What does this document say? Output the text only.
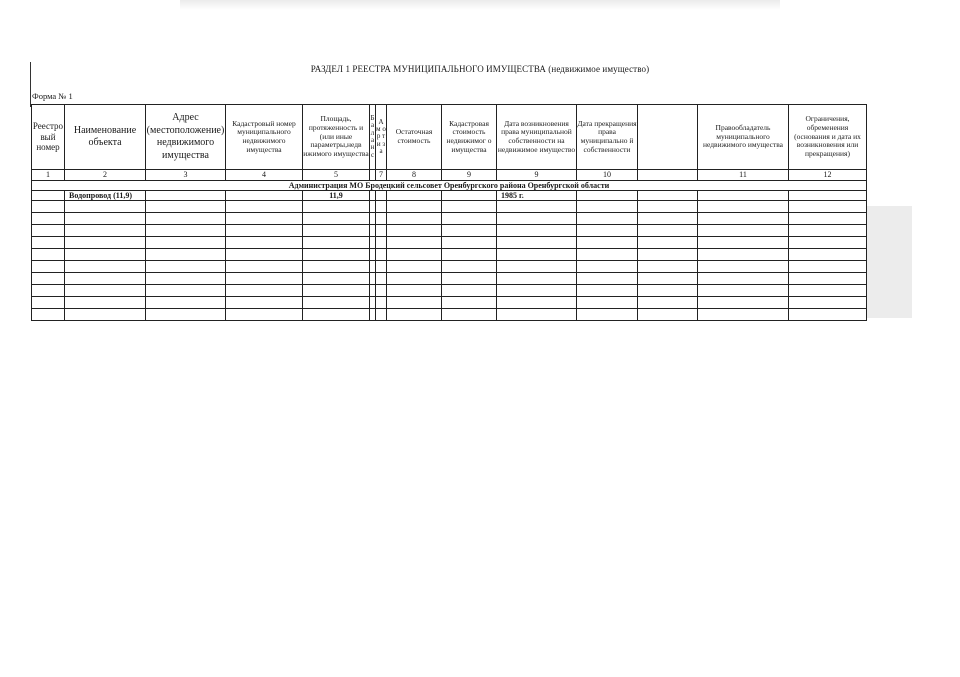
РАЗДЕЛ 1 РЕЕСТРА МУНИЦИПАЛЬНОГО ИМУЩЕСТВА (недвижимое имущество)
Форма № 1
Реестро вый номер	Наименование объекта	Адрес (местоположение) недвижимого имущества	Кадастровый номер муниципального недвижимого имущества	Площадь, протяженность и (или иные параметры,недв ижимого имущества	Б а л а н с	А м о р т и з а	Остаточная стоимость	Кадастровая стоимость недвижимог о имущества	Дата возникновения права муниципальной собственности на недвижимое имущество	Дата прекращения права муниципально й собственности		Правообладатель муниципального недвижимого имущества	Ограничения, обременения (основания и дата их возникновения или прекращения)
1	2	3	4	5		7	8	9	9	10		11	12
Администрация МО Бродецкий сельсовет Оренбургского района Оренбургской области													
	Водопровод (11,9)			11,9					1985 г.				
